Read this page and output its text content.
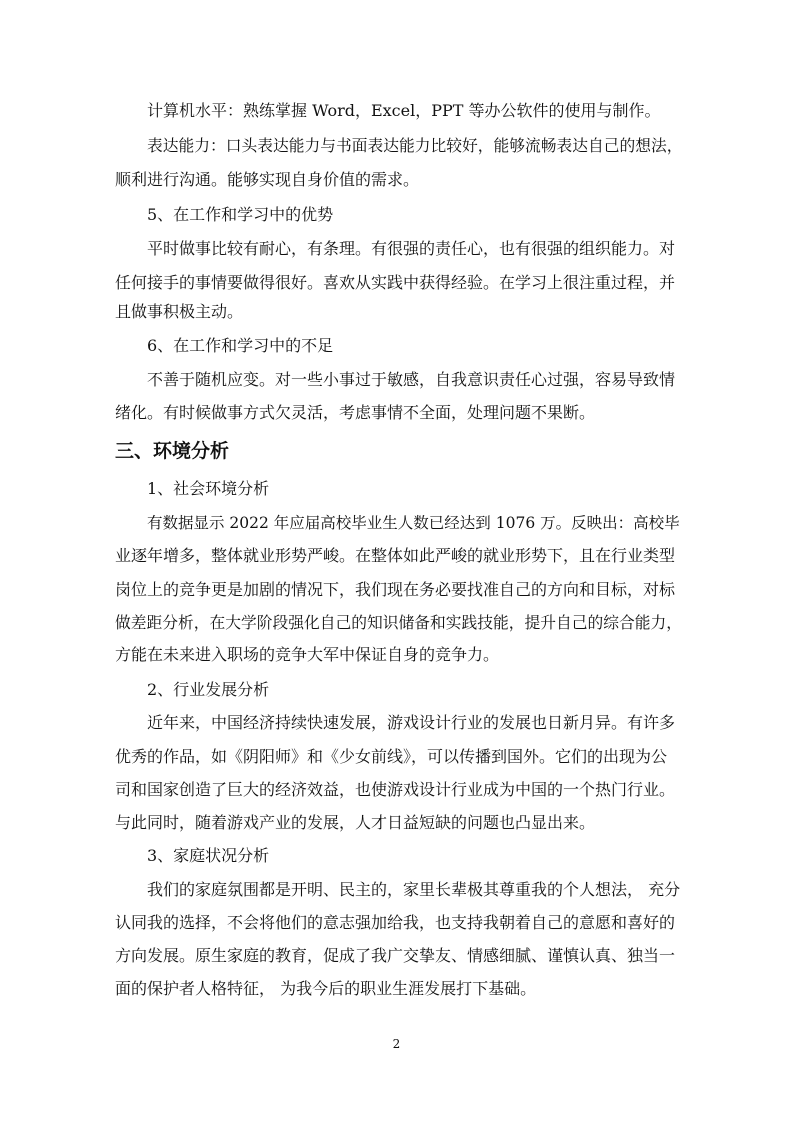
计算机水平：熟练掌握 Word，Excel，PPT 等办公软件的使用与制作。
表达能力：口头表达能力与书面表达能力比较好，能够流畅表达自己的想法，
顺利进行沟通。能够实现自身价值的需求。
5、在工作和学习中的优势
平时做事比较有耐心，有条理。有很强的责任心，也有很强的组织能力。对
任何接手的事情要做得很好。喜欢从实践中获得经验。在学习上很注重过程，并
且做事积极主动。
6、在工作和学习中的不足
不善于随机应变。对一些小事过于敏感，自我意识责任心过强，容易导致情
绪化。有时候做事方式欠灵活，考虑事情不全面，处理问题不果断。
三、环境分析
1、社会环境分析
有数据显示 2022 年应届高校毕业生人数已经达到 1076 万。反映出：高校毕
业逐年增多，整体就业形势严峻。在整体如此严峻的就业形势下，且在行业类型
岗位上的竞争更是加剧的情况下，我们现在务必要找准自己的方向和目标，对标
做差距分析，在大学阶段强化自己的知识储备和实践技能，提升自己的综合能力，
方能在未来进入职场的竞争大军中保证自身的竞争力。
2、行业发展分析
近年来，中国经济持续快速发展，游戏设计行业的发展也日新月异。有许多
优秀的作品，如《阴阳师》和《少女前线》，可以传播到国外。它们的出现为公
司和国家创造了巨大的经济效益，也使游戏设计行业成为中国的一个热门行业。
与此同时，随着游戏产业的发展，人才日益短缺的问题也凸显出来。
3、家庭状况分析
我们的家庭氛围都是开明、民主的，家里长辈极其尊重我的个人想法， 充分
认同我的选择，不会将他们的意志强加给我，也支持我朝着自己的意愿和喜好的
方向发展。原生家庭的教育，促成了我广交挚友、情感细腻、谨慎认真、独当一
面的保护者人格特征， 为我今后的职业生涯发展打下基础。
2
